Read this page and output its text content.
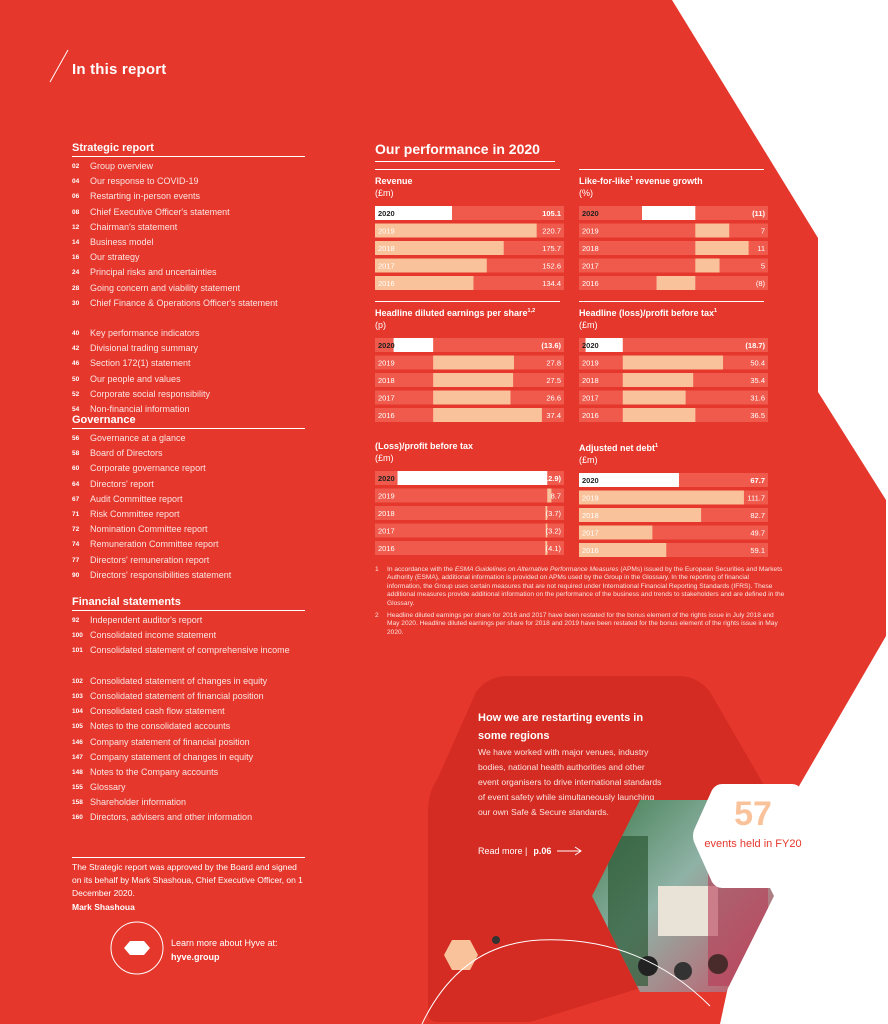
In this report
Strategic report
02	Group overview
04	Our response to COVID-19
06	Restarting in-person events
08	Chief Executive Officer's statement
12	Chairman's statement
14	Business model
16	Our strategy
24	Principal risks and uncertainties
28	Going concern and viability statement
30	Chief Finance & Operations Officer's statement
40	Key performance indicators
42	Divisional trading summary
46	Section 172(1) statement
50	Our people and values
52	Corporate social responsibility
54	Non-financial information
Governance
56	Governance at a glance
58	Board of Directors
60	Corporate governance report
64	Directors' report
67	Audit Committee report
71	Risk Committee report
72	Nomination Committee report
74	Remuneration Committee report
77	Directors' remuneration report
90	Directors' responsibilities statement
Financial statements
92	Independent auditor's report
100 Consolidated income statement
101 Consolidated statement of comprehensive income
102 Consolidated statement of changes in equity
103 Consolidated statement of financial position
104 Consolidated cash flow statement
105 Notes to the consolidated accounts
146 Company statement of financial position
147 Company statement of changes in equity
148 Notes to the Company accounts
155 Glossary
158 Shareholder information
160 Directors, advisers and other information
The Strategic report was approved by the Board and signed on its behalf by Mark Shashoua, Chief Executive Officer, on 1 December 2020.
Mark Shashoua
Learn more about Hyve at:
hyve.group
Our performance in 2020
Revenue
(£m)
2020	105.1
2019	220.7
2018	175.7
2017	152.6
2016	134.4
Like-for-like$^1$ revenue growth
(%)
2020	(11)
2019	7
2018	11
2017	5
2016	(8)
Headline diluted earnings per share$^{1,2}$
(p)
2020	(13.6)
2019	27.8
2018	27.5
2017	26.6
2016	37.4
Headline (loss)/profit before tax$^1$
(£m)
2020	(18.7)
2019	50.4
2018	35.4
2017	31.6
2016	36.5
(Loss)/profit before tax
(£m)
2020	(312.9)
2019	8.7
2018	(3.7)
2017	(3.2)
2016	(4.1)
Adjusted net debt$^1$
(£m)
2020	67.7
2019	111.7
2018	82.7
2017	49.7
2016	59.1
1 In accordance with the ESMA Guidelines on Alternative Performance Measures (APMs) issued by the European Securities and Markets Authority (ESMA), additional information is provided on APMs used by the Group in the Glossary. In the reporting of financial information, the Group uses certain measures that are not required under International Financial Reporting Standards (IFRS). These additional measures provide additional information on the performance of the business and trends to stakeholders and are defined in the Glossary.
2 Headline diluted earnings per share for 2016 and 2017 have been restated for the bonus element of the rights issue in July 2018 and May 2020. Headline diluted earnings per share for 2018 and 2019 have been restated for the bonus element of the rights issue in May 2020.
How we are restarting events in some regions
We have worked with major venues, industry bodies, national health authorities and other event organisers to drive international standards of event safety while simultaneously launching our own Safe & Secure standards.
Read more | p.06
57
events held in FY20
